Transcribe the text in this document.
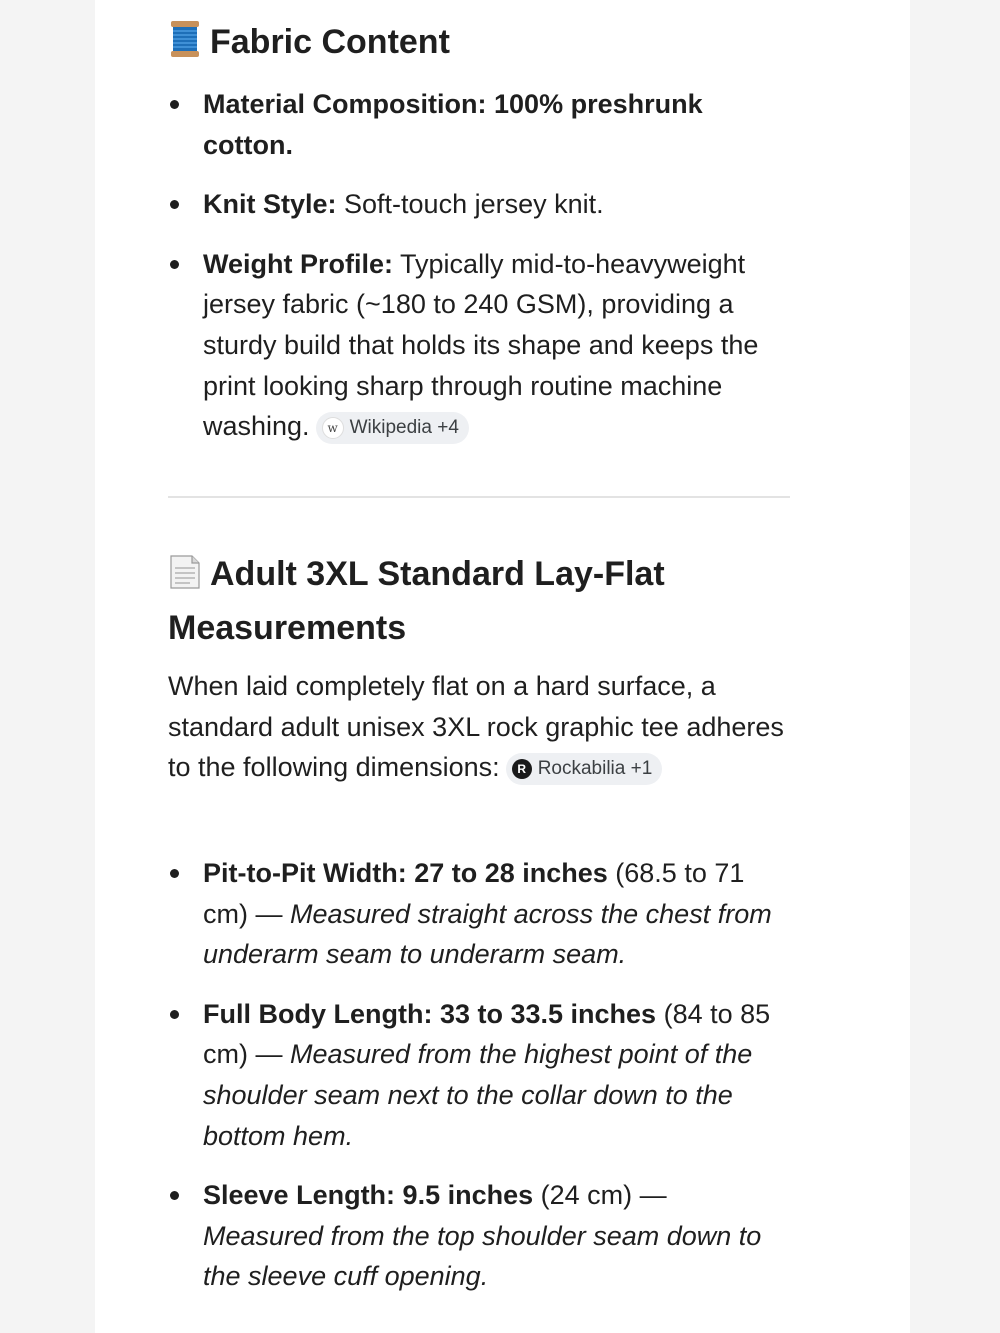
Fabric Content
Material Composition: 100% preshrunk cotton.
Knit Style: Soft-touch jersey knit.
Weight Profile: Typically mid-to-heavyweight jersey fabric (~180 to 240 GSM), providing a sturdy build that holds its shape and keeps the print looking sharp through routine machine washing.	w Wikipedia +4
Adult 3XL Standard Lay-Flat Measurements

When laid completely flat on a hard surface, a standard adult unisex 3XL rock graphic tee adheres to the following dimensions:	R Rockabilia +1

Pit-to-Pit Width: 27 to 28 inches (68.5 to 71 cm) — Measured straight across the chest from underarm seam to underarm seam.
Full Body Length: 33 to 33.5 inches (84 to 85 cm) — Measured from the highest point of the shoulder seam next to the collar down to the bottom hem.
Sleeve Length: 9.5 inches (24 cm) — Measured from the top shoulder seam down to the sleeve cuff opening.
